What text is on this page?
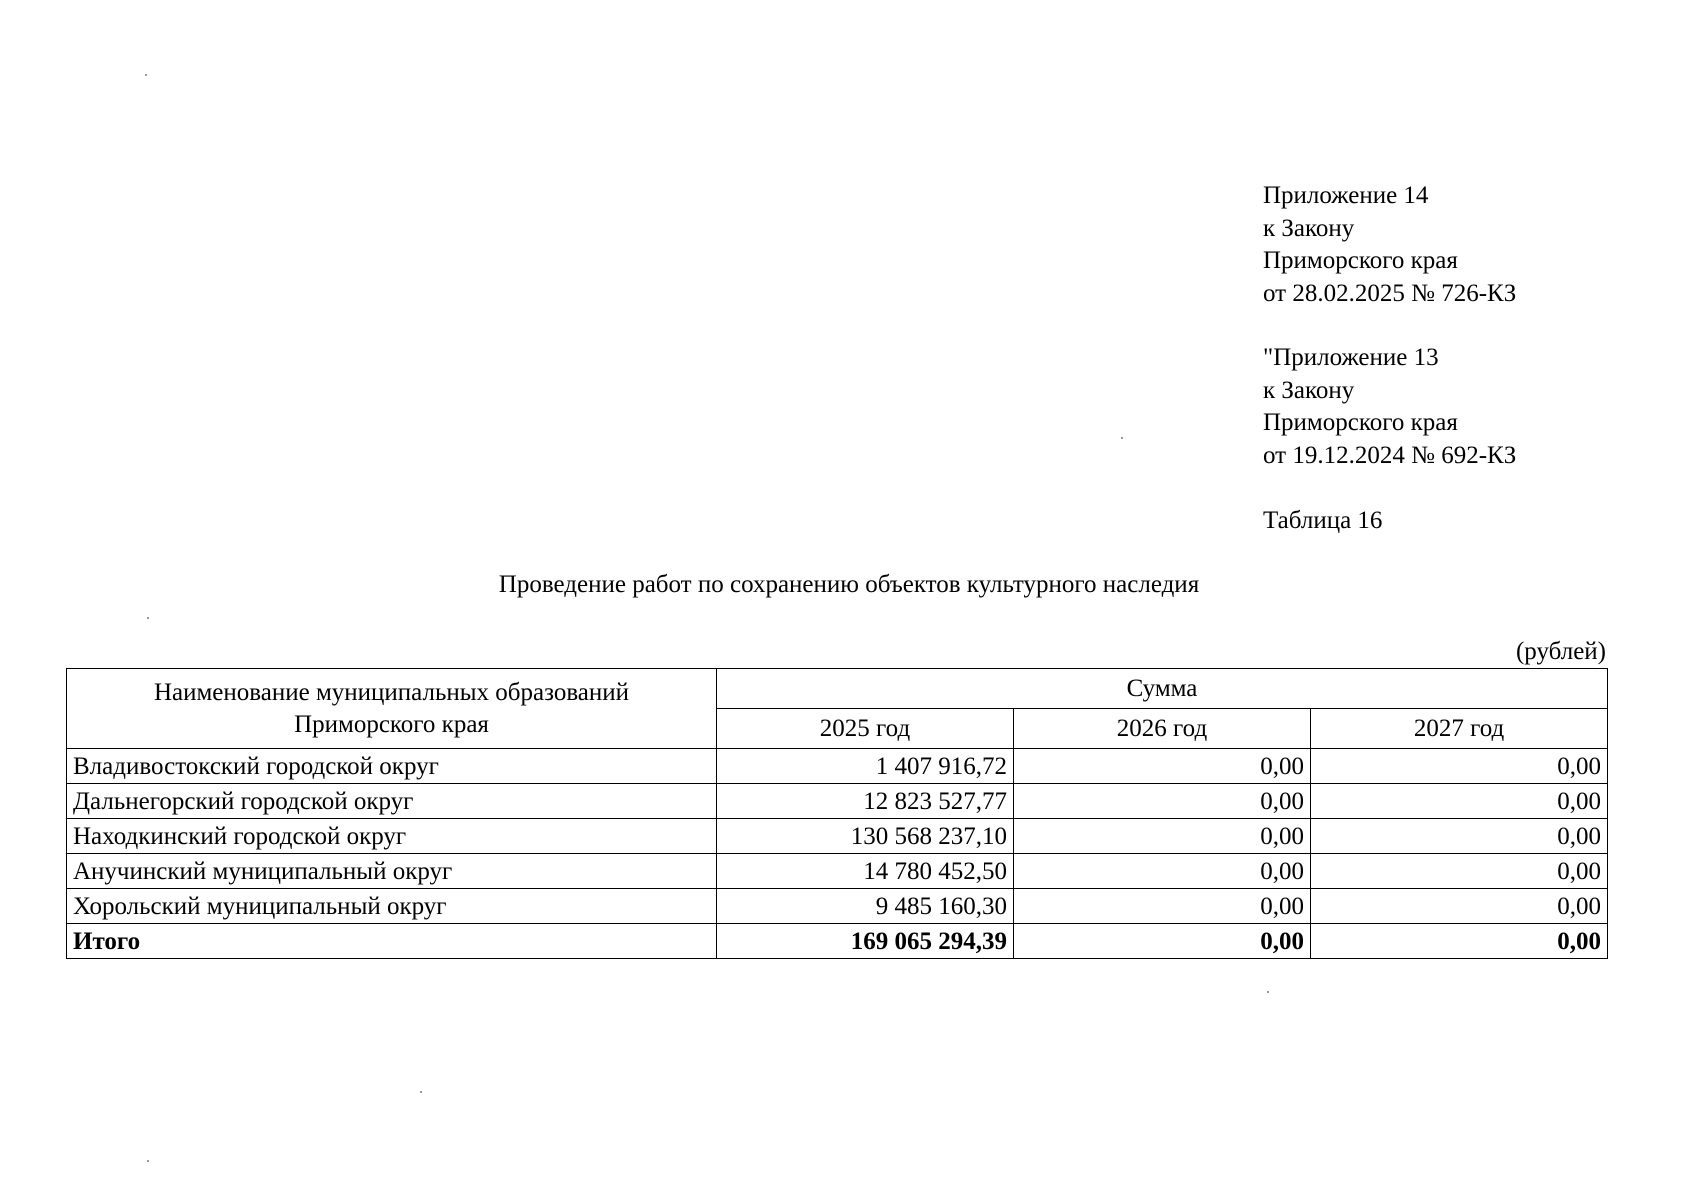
Приложение 14
к Закону
Приморского края
от 28.02.2025 № 726-КЗ
"Приложение 13
к Закону
Приморского края
от 19.12.2024 № 692-КЗ
Таблица 16
Проведение работ по сохранению объектов культурного наследия
(рублей)
Наименование муниципальных образований
Приморского края	Сумма		
	2025 год	2026 год	2027 год
Владивостокский городской округ	1 407 916,72	0,00	0,00
Дальнегорский городской округ	12 823 527,77	0,00	0,00
Находкинский городской округ	130 568 237,10	0,00	0,00
Анучинский муниципальный округ	14 780 452,50	0,00	0,00
Хорольский муниципальный округ	9 485 160,30	0,00	0,00
Итого	169 065 294,39	0,00	0,00
